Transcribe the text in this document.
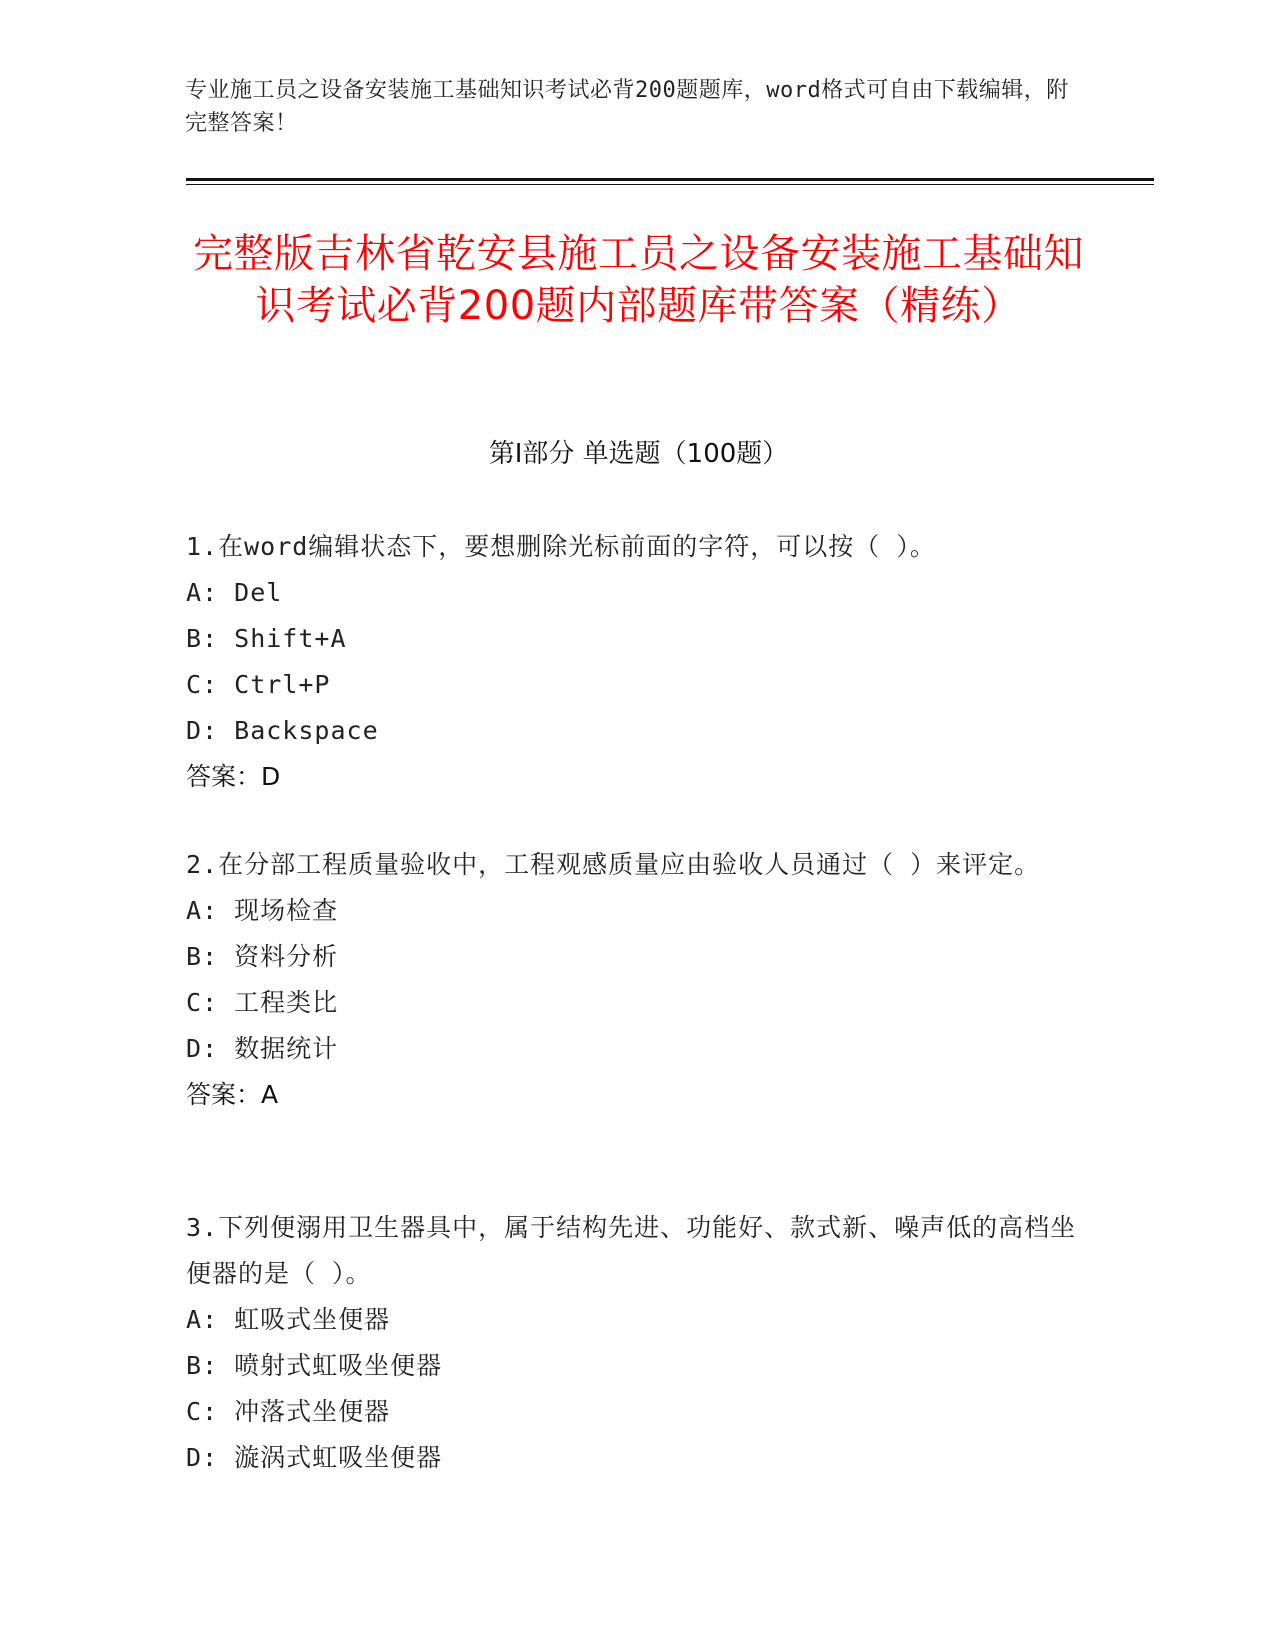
专业施工员之设备安装施工基础知识考试必背200题题库，word格式可自由下载编辑，附完整答案！
完整版吉林省乾安县施工员之设备安装施工基础知识考试必背200题内部题库带答案（精练）
第I部分 单选题（100题）
1.在word编辑状态下，要想删除光标前面的字符，可以按（ ）。
A: Del
B: Shift+A
C: Ctrl+P
D: Backspace
答案：D
2.在分部工程质量验收中，工程观感质量应由验收人员通过（ ）来评定。
A: 现场检查
B: 资料分析
C: 工程类比
D: 数据统计
答案：A
3.下列便溺用卫生器具中，属于结构先进、功能好、款式新、噪声低的高档坐便器的是（ ）。
A: 虹吸式坐便器
B: 喷射式虹吸坐便器
C: 冲落式坐便器
D: 漩涡式虹吸坐便器
